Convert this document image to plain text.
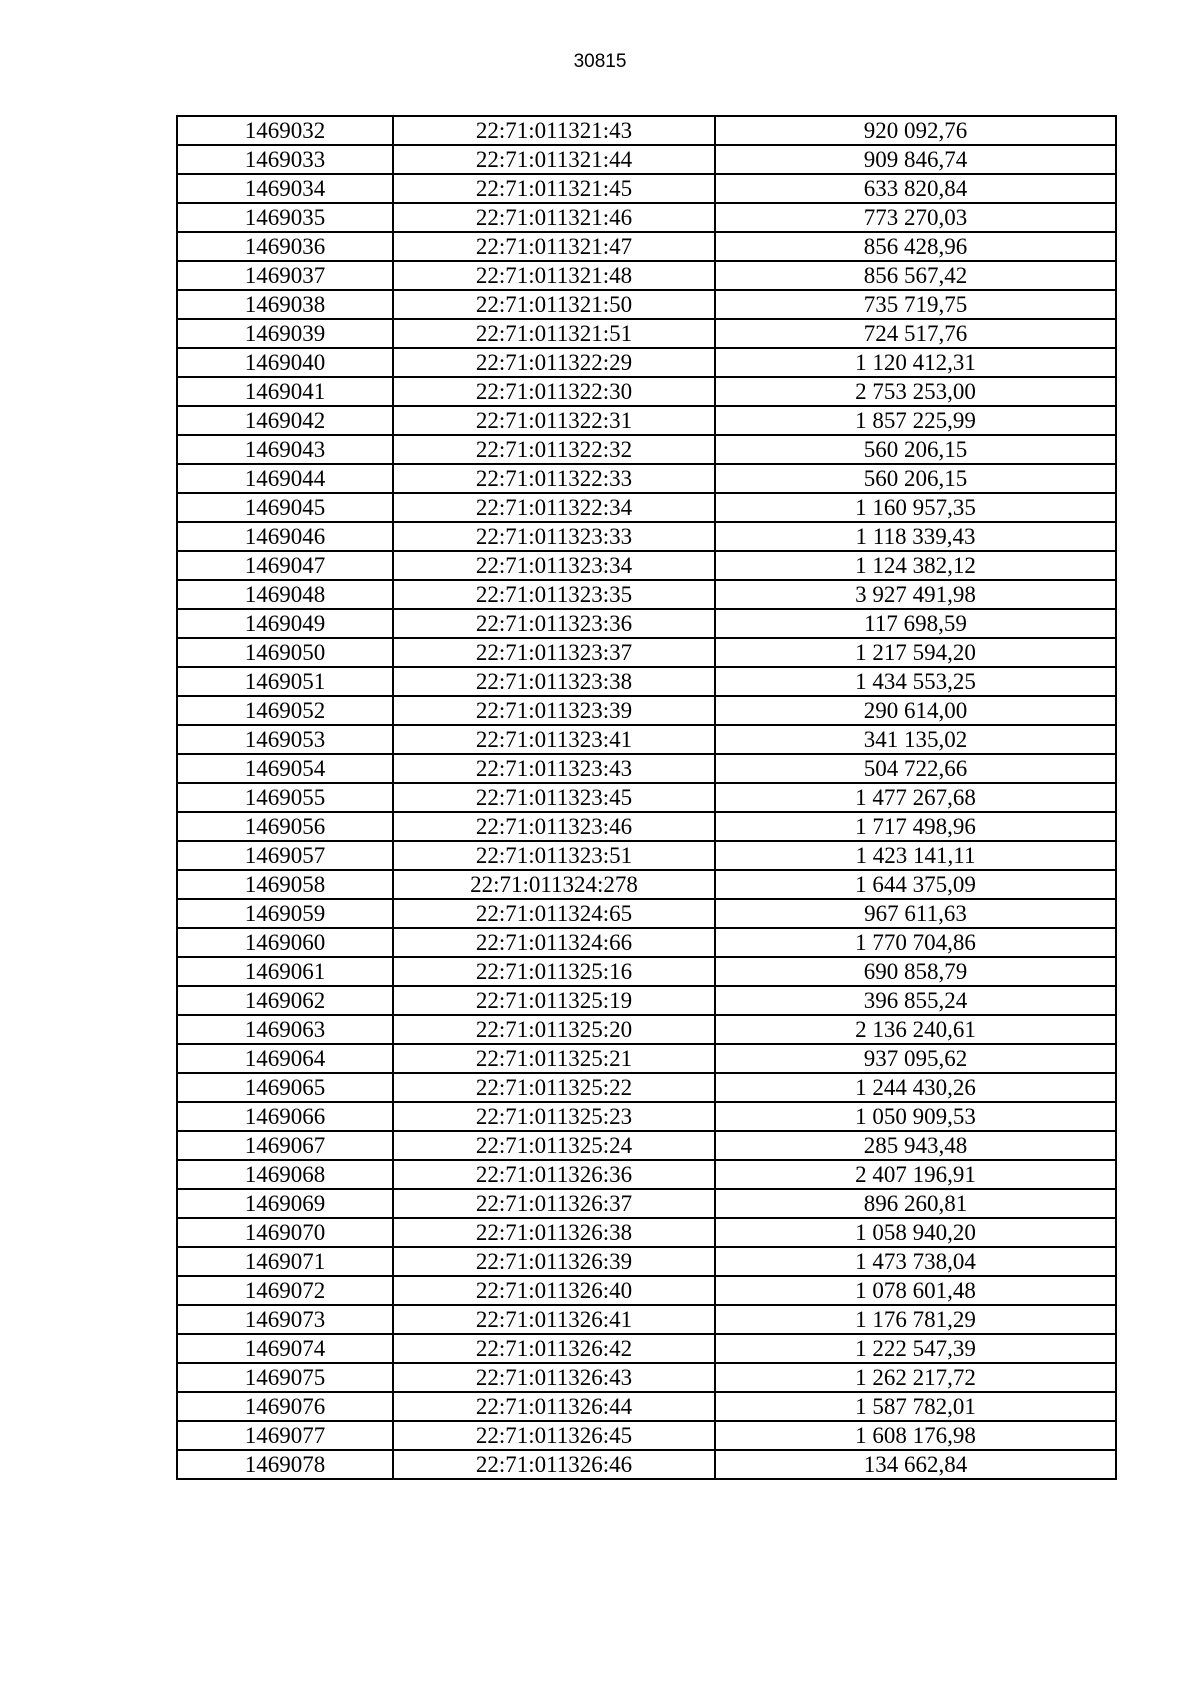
30815
1469032	22:71:011321:43	920 092,76
1469033	22:71:011321:44	909 846,74
1469034	22:71:011321:45	633 820,84
1469035	22:71:011321:46	773 270,03
1469036	22:71:011321:47	856 428,96
1469037	22:71:011321:48	856 567,42
1469038	22:71:011321:50	735 719,75
1469039	22:71:011321:51	724 517,76
1469040	22:71:011322:29	1 120 412,31
1469041	22:71:011322:30	2 753 253,00
1469042	22:71:011322:31	1 857 225,99
1469043	22:71:011322:32	560 206,15
1469044	22:71:011322:33	560 206,15
1469045	22:71:011322:34	1 160 957,35
1469046	22:71:011323:33	1 118 339,43
1469047	22:71:011323:34	1 124 382,12
1469048	22:71:011323:35	3 927 491,98
1469049	22:71:011323:36	117 698,59
1469050	22:71:011323:37	1 217 594,20
1469051	22:71:011323:38	1 434 553,25
1469052	22:71:011323:39	290 614,00
1469053	22:71:011323:41	341 135,02
1469054	22:71:011323:43	504 722,66
1469055	22:71:011323:45	1 477 267,68
1469056	22:71:011323:46	1 717 498,96
1469057	22:71:011323:51	1 423 141,11
1469058	22:71:011324:278	1 644 375,09
1469059	22:71:011324:65	967 611,63
1469060	22:71:011324:66	1 770 704,86
1469061	22:71:011325:16	690 858,79
1469062	22:71:011325:19	396 855,24
1469063	22:71:011325:20	2 136 240,61
1469064	22:71:011325:21	937 095,62
1469065	22:71:011325:22	1 244 430,26
1469066	22:71:011325:23	1 050 909,53
1469067	22:71:011325:24	285 943,48
1469068	22:71:011326:36	2 407 196,91
1469069	22:71:011326:37	896 260,81
1469070	22:71:011326:38	1 058 940,20
1469071	22:71:011326:39	1 473 738,04
1469072	22:71:011326:40	1 078 601,48
1469073	22:71:011326:41	1 176 781,29
1469074	22:71:011326:42	1 222 547,39
1469075	22:71:011326:43	1 262 217,72
1469076	22:71:011326:44	1 587 782,01
1469077	22:71:011326:45	1 608 176,98
1469078	22:71:011326:46	134 662,84
